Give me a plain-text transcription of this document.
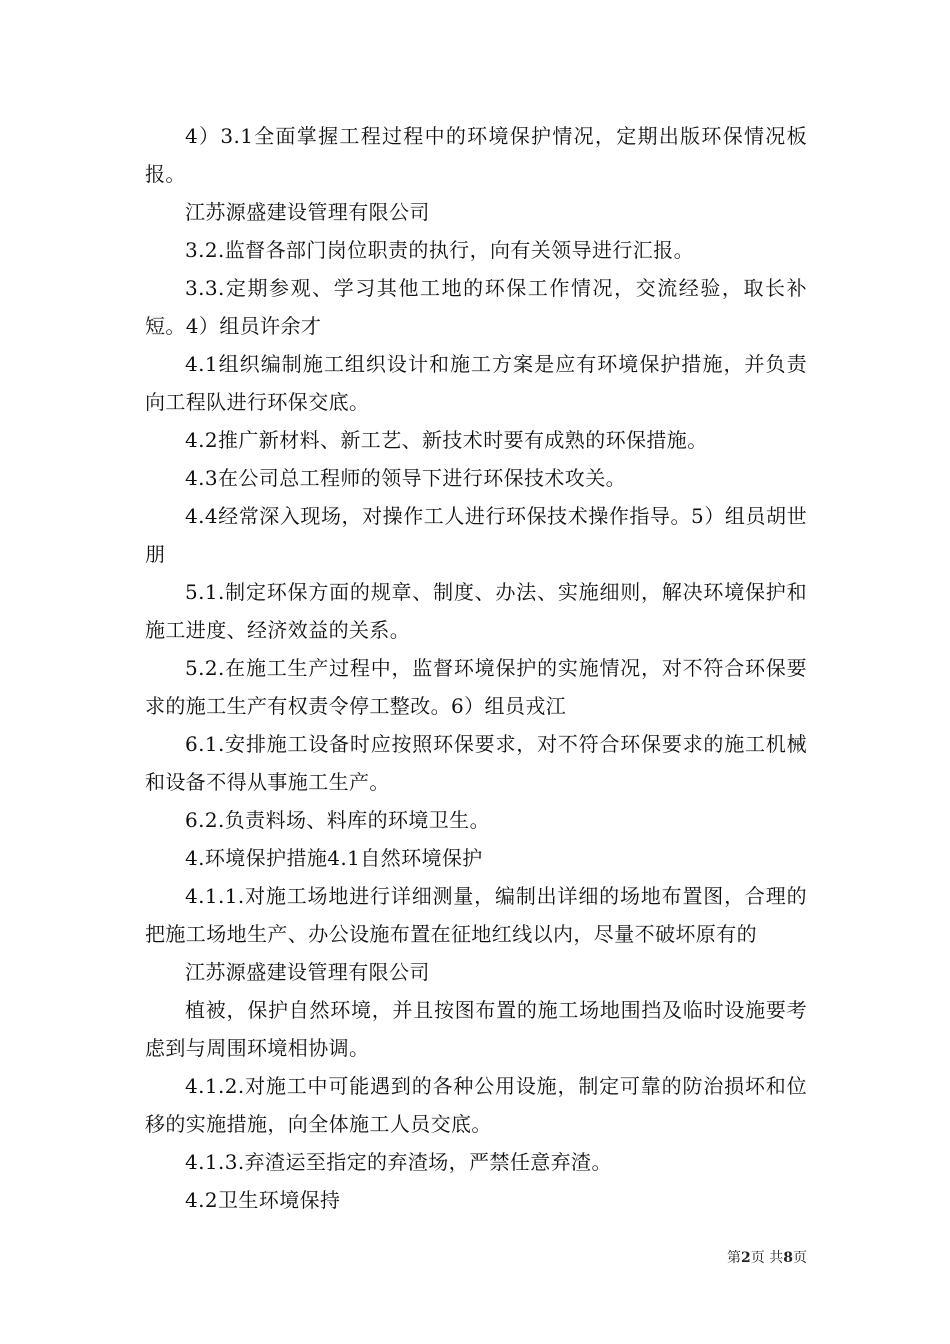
4）3.1全面掌握工程过程中的环境保护情况，定期出版环保情况板报。

江苏源盛建设管理有限公司

3.2.监督各部门岗位职责的执行，向有关领导进行汇报。

3.3.定期参观、学习其他工地的环保工作情况，交流经验，取长补短。4）组员许余才

4.1组织编制施工组织设计和施工方案是应有环境保护措施，并负责向工程队进行环保交底。

4.2推广新材料、新工艺、新技术时要有成熟的环保措施。

4.3在公司总工程师的领导下进行环保技术攻关。

4.4经常深入现场，对操作工人进行环保技术操作指导。5）组员胡世朋

5.1.制定环保方面的规章、制度、办法、实施细则，解决环境保护和施工进度、经济效益的关系。

5.2.在施工生产过程中，监督环境保护的实施情况，对不符合环保要求的施工生产有权责令停工整改。6）组员戎江

6.1.安排施工设备时应按照环保要求，对不符合环保要求的施工机械和设备不得从事施工生产。

6.2.负责料场、料库的环境卫生。

4.环境保护措施4.1自然环境保护

4.1.1.对施工场地进行详细测量，编制出详细的场地布置图，合理的把施工场地生产、办公设施布置在征地红线以内，尽量不破坏原有的

江苏源盛建设管理有限公司

植被，保护自然环境，并且按图布置的施工场地围挡及临时设施要考虑到与周围环境相协调。

4.1.2.对施工中可能遇到的各种公用设施，制定可靠的防治损坏和位移的实施措施，向全体施工人员交底。

4.1.3.弃渣运至指定的弃渣场，严禁任意弃渣。

4.2卫生环境保持

第2页 共8页
